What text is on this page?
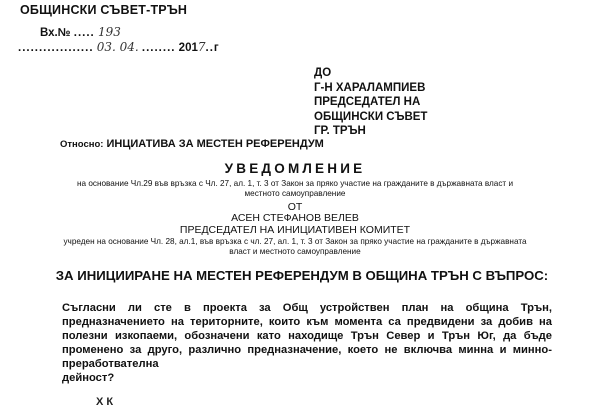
ОБЩИНСКИ СЪВЕТ-ТРЪН
Вх.№ ..... 193
.................. 03. 04. ........ 2017..г
ДО
Г-Н ХАРАЛАМПИЕВ
ПРЕДСЕДАТЕЛ НА
ОБЩИНСКИ СЪВЕТ
ГР. ТРЪН
Относно: ИНЦИАТИВА ЗА МЕСТЕН РЕФЕРЕНДУМ
УВЕДОМЛЕНИЕ
на основание Чл.29 във връзка с Чл. 27, ал. 1, т. 3 от Закон за пряко участие на гражданите в държавната власт и местното самоуправление
ОТ
АСЕН СТЕФАНОВ ВЕЛЕВ
ПРЕДСЕДАТЕЛ НА ИНИЦИАТИВЕН КОМИТЕТ
учреден на основание Чл. 28, ал.1, във връзка с чл. 27, ал. 1, т. 3 от Закон за пряко участие на гражданите в държавната власт и местното самоуправление
ЗА ИНИЦИИРАНЕ НА МЕСТЕН РЕФЕРЕНДУМ В ОБЩИНА ТРЪН С ВЪПРОС:
Съгласни ли сте в проекта за Общ устройствен план на община Трън, предназначението на територните, които към момента са предвидени за добив на полезни изкопаеми, обозначени като находище Трън Север и Трън Юг, да бъде променено за друго, различно предназначение, което не включва минна и минно-преработвателна
дейност?
Х К
